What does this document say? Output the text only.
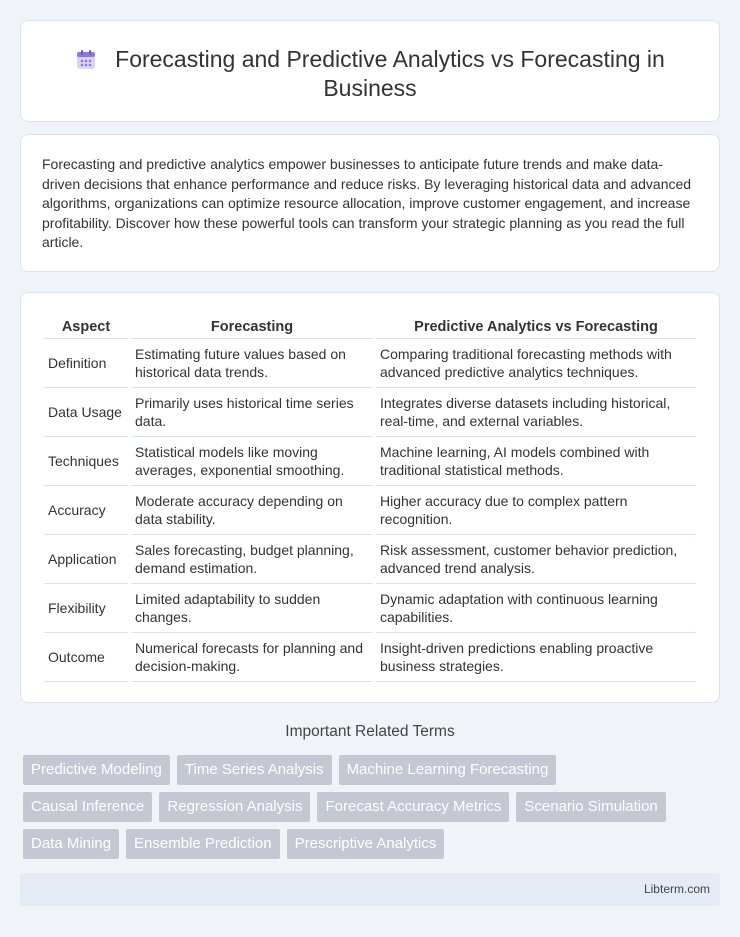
Forecasting and Predictive Analytics vs Forecasting in Business

Forecasting and predictive analytics empower businesses to anticipate future trends and make data-driven decisions that enhance performance and reduce risks. By leveraging historical data and advanced algorithms, organizations can optimize resource allocation, improve customer engagement, and increase profitability. Discover how these powerful tools can transform your strategic planning as you read the full article.

Aspect	Forecasting	Predictive Analytics vs Forecasting
Definition	Estimating future values based on historical data trends.	Comparing traditional forecasting methods with advanced predictive analytics techniques.
Data Usage	Primarily uses historical time series data.	Integrates diverse datasets including historical, real-time, and external variables.
Techniques	Statistical models like moving averages, exponential smoothing.	Machine learning, AI models combined with traditional statistical methods.
Accuracy	Moderate accuracy depending on data stability.	Higher accuracy due to complex pattern recognition.
Application	Sales forecasting, budget planning, demand estimation.	Risk assessment, customer behavior prediction, advanced trend analysis.
Flexibility	Limited adaptability to sudden changes.	Dynamic adaptation with continuous learning capabilities.
Outcome	Numerical forecasts for planning and decision-making.	Insight-driven predictions enabling proactive business strategies.
Important Related Terms
Predictive Modeling	Time Series Analysis	Machine Learning Forecasting
Causal Inference	Regression Analysis	Forecast Accuracy Metrics	Scenario Simulation
Data Mining	Ensemble Prediction	Prescriptive Analytics
Libterm.com
